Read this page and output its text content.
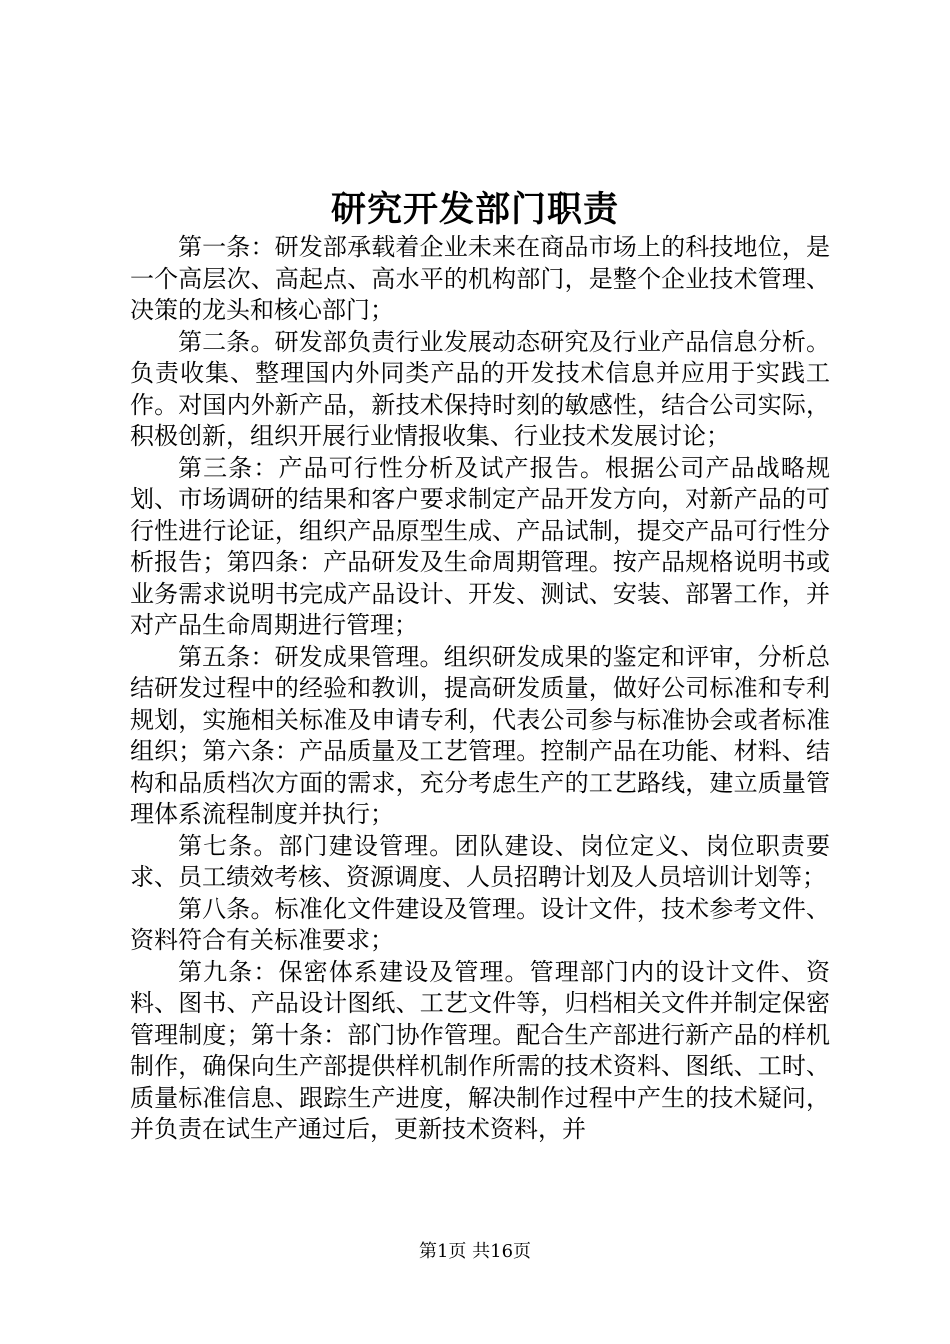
研究开发部门职责

第一条：研发部承载着企业未来在商品市场上的科技地位，是一个高层次、高起点、高水平的机构部门，是整个企业技术管理、决策的龙头和核心部门；

第二条。研发部负责行业发展动态研究及行业产品信息分析。负责收集、整理国内外同类产品的开发技术信息并应用于实践工作。对国内外新产品，新技术保持时刻的敏感性，结合公司实际，积极创新，组织开展行业情报收集、行业技术发展讨论；

第三条：产品可行性分析及试产报告。根据公司产品战略规划、市场调研的结果和客户要求制定产品开发方向，对新产品的可行性进行论证，组织产品原型生成、产品试制，提交产品可行性分析报告；第四条：产品研发及生命周期管理。按产品规格说明书或业务需求说明书完成产品设计、开发、测试、安装、部署工作，并对产品生命周期进行管理；

第五条：研发成果管理。组织研发成果的鉴定和评审，分析总结研发过程中的经验和教训，提高研发质量，做好公司标准和专利规划，实施相关标准及申请专利，代表公司参与标准协会或者标准组织；第六条：产品质量及工艺管理。控制产品在功能、材料、结构和品质档次方面的需求，充分考虑生产的工艺路线，建立质量管理体系流程制度并执行；

第七条。部门建设管理。团队建设、岗位定义、岗位职责要求、员工绩效考核、资源调度、人员招聘计划及人员培训计划等；

第八条。标准化文件建设及管理。设计文件，技术参考文件、资料符合有关标准要求；

第九条：保密体系建设及管理。管理部门内的设计文件、资料、图书、产品设计图纸、工艺文件等，归档相关文件并制定保密管理制度；第十条：部门协作管理。配合生产部进行新产品的样机制作，确保向生产部提供样机制作所需的技术资料、图纸、工时、质量标准信息、跟踪生产进度，解决制作过程中产生的技术疑问，并负责在试生产通过后，更新技术资料，并

第1页 共16页
